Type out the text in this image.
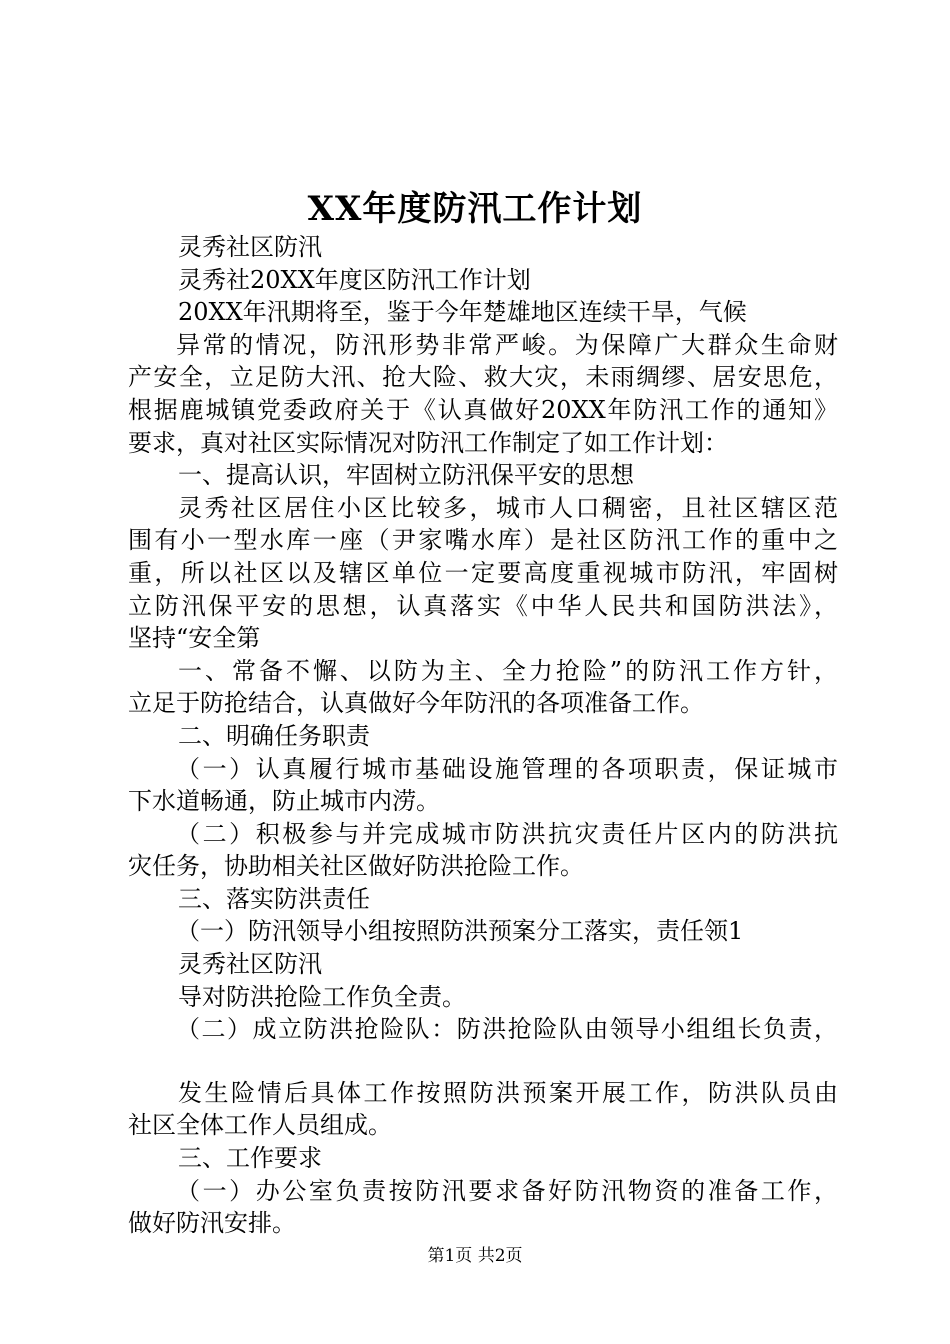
XX年度防汛工作计划
灵秀社区防汛
灵秀社20XX年度区防汛工作计划
20XX年汛期将至，鉴于今年楚雄地区连续干旱，气候
异常的情况，防汛形势非常严峻。为保障广大群众生命财
产安全，立足防大汛、抢大险、救大灾，未雨绸缪、居安思危，
根据鹿城镇党委政府关于《认真做好20XX年防汛工作的通知》
要求，真对社区实际情况对防汛工作制定了如工作计划：
一、提高认识，牢固树立防汛保平安的思想
灵秀社区居住小区比较多，城市人口稠密，且社区辖区范
围有小一型水库一座（尹家嘴水库）是社区防汛工作的重中之
重，所以社区以及辖区单位一定要高度重视城市防汛，牢固树
立防汛保平安的思想，认真落实《中华人民共和国防洪法》，
坚持“安全第
一、常备不懈、以防为主、全力抢险”的防汛工作方针，
立足于防抢结合，认真做好今年防汛的各项准备工作。
二、明确任务职责
（一）认真履行城市基础设施管理的各项职责，保证城市
下水道畅通，防止城市内涝。
（二）积极参与并完成城市防洪抗灾责任片区内的防洪抗
灾任务，协助相关社区做好防洪抢险工作。
三、落实防洪责任
（一）防汛领导小组按照防洪预案分工落实，责任领1
灵秀社区防汛
导对防洪抢险工作负全责。
（二）成立防洪抢险队：防洪抢险队由领导小组组长负责，
发生险情后具体工作按照防洪预案开展工作，防洪队员由
社区全体工作人员组成。
三、工作要求
（一）办公室负责按防汛要求备好防汛物资的准备工作，
做好防汛安排。
第1页 共2页
